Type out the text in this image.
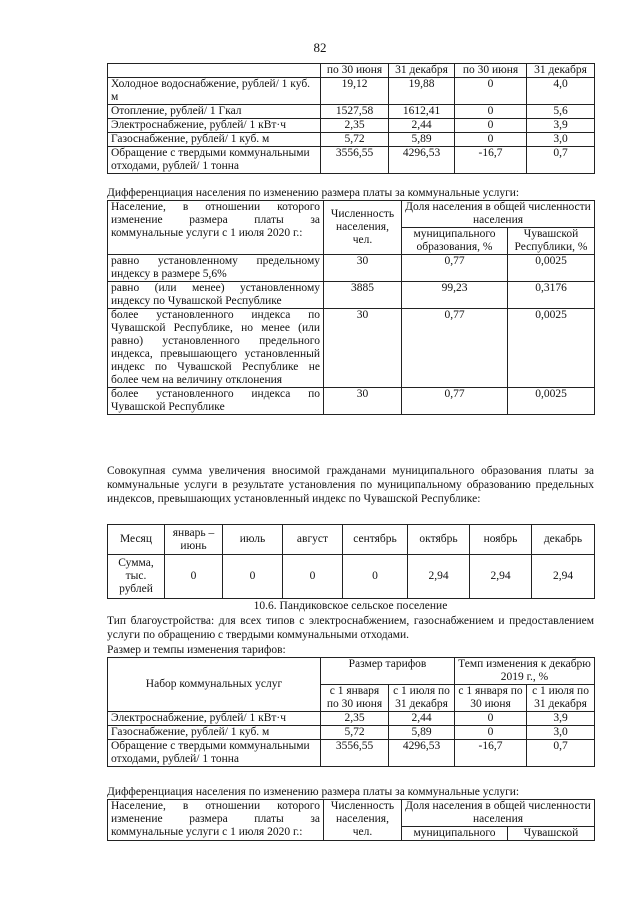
82
	по 30 июня	31 декабря	по 30 июня	31 декабря
Холодное водоснабжение, рублей/ 1 куб. м	19,12	19,88	0	4,0
Отопление, рублей/ 1 Гкал	1527,58	1612,41	0	5,6
Электроснабжение, рублей/ 1 кВт·ч	2,35	2,44	0	3,9
Газоснабжение, рублей/ 1 куб. м	5,72	5,89	0	3,0
Обращение с твердыми коммунальными отходами, рублей/ 1 тонна	3556,55	4296,53	-16,7	0,7
Дифференциация населения по изменению размера платы за коммунальные услуги:
Население, в отношении которого изменение размера платы за коммунальные услуги с 1 июля 2020 г.:	Численность населения, чел.	Доля населения в общей численности населения	
		муниципального образования, %	Чувашской Республики, %
равно установленному предельному индексу в размере 5,6%	30	0,77	0,0025
равно (или менее) установленному индексу по Чувашской Республике	3885	99,23	0,3176
более установленного индекса по Чувашской Республике, но менее (или равно) установленного предельного индекса, превышающего установленный индекс по Чувашской Республике не более чем на величину отклонения	30	0,77	0,0025
более установленного индекса по Чувашской Республике	30	0,77	0,0025
Совокупная сумма увеличения вносимой гражданами муниципального образования платы за коммунальные услуги в результате установления по муниципальному образованию предельных индексов, превышающих установленный индекс по Чувашской Республике:
Месяц	январь – июнь	июль	август	сентябрь	октябрь	ноябрь	декабрь
Сумма, тыс. рублей	0	0	0	0	2,94	2,94	2,94
10.6. Пандиковское сельское поселение
Тип благоустройства: для всех типов с электроснабжением, газоснабжением и предоставлением услуги по обращению с твердыми коммунальными отходами.
Размер и темпы изменения тарифов:
Набор коммунальных услуг	Размер тарифов		Темп изменения к декабрю 2019 г., %	
	с 1 января по 30 июня	с 1 июля по 31 декабря	с 1 января по 30 июня	с 1 июля по 31 декабря
Электроснабжение, рублей/ 1 кВт·ч	2,35	2,44	0	3,9
Газоснабжение, рублей/ 1 куб. м	5,72	5,89	0	3,0
Обращение с твердыми коммунальными отходами, рублей/ 1 тонна	3556,55	4296,53	-16,7	0,7
Дифференциация населения по изменению размера платы за коммунальные услуги:
Население, в отношении которого изменение размера платы за коммунальные услуги с 1 июля 2020 г.:	Численность населения, чел.	Доля населения в общей численности населения	
		муниципального	Чувашской
